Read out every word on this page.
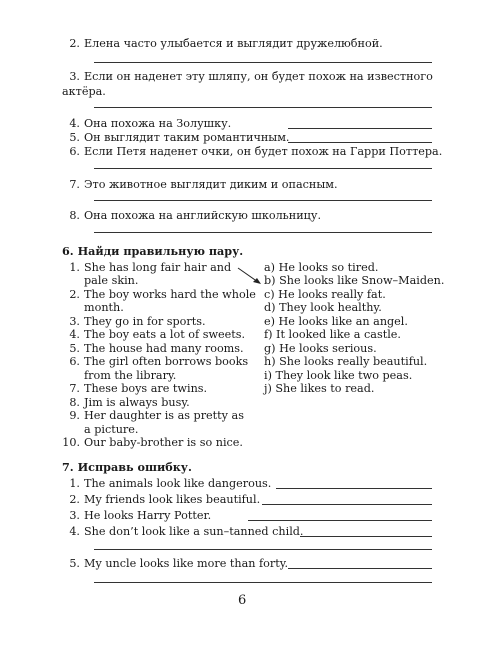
2. Елена часто улыбается и выглядит дружелюбной.
3. Если он наденет эту шляпу, он будет похож на известного
актёра.
4. Она похожа на Золушку.
5. Он выглядит таким романтичным.
6. Если Петя наденет очки, он будет похож на Гарри Поттера.
7. Это животное выглядит диким и опасным.
8. Она похожа на английскую школьницу.
6. Найди правильную пару.
1. She has long fair hair and
pale skin.
2. The boy works hard the whole
month.
3. They go in for sports.
4. The boy eats a lot of sweets.
5. The house had many rooms.
6. The girl often borrows books
from the library.
7. These boys are twins.
8. Jim is always busy.
9. Her daughter is as pretty as
a picture.
10. Our baby-brother is so nice.
a) He looks so tired.
b) She looks like Snow–Maiden.
c) He looks really fat.
d) They look healthy.
e) He looks like an angel.
f) It looked like a castle.
g) He looks serious.
h) She looks really beautiful.
i) They look like two peas.
j) She likes to read.
7. Исправь ошибку.
1. The animals look like dangerous.
2. My friends look likes beautiful.
3. He looks Harry Potter.
4. She don’t look like a sun–tanned child.
5. My uncle looks like more than forty.
6
